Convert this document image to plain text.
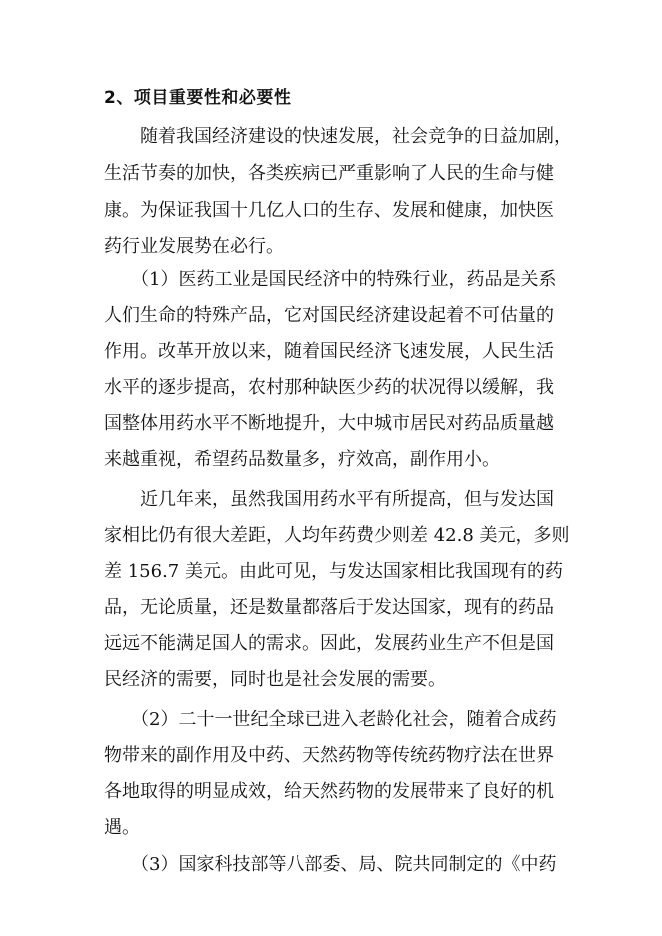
2、项目重要性和必要性
　　随着我国经济建设的快速发展，社会竞争的日益加剧，
生活节奏的加快，各类疾病已严重影响了人民的生命与健
康。为保证我国十几亿人口的生存、发展和健康，加快医
药行业发展势在必行。
　　（1）医药工业是国民经济中的特殊行业，药品是关系
人们生命的特殊产品，它对国民经济建设起着不可估量的
作用。改革开放以来，随着国民经济飞速发展，人民生活
水平的逐步提高，农村那种缺医少药的状况得以缓解，我
国整体用药水平不断地提升，大中城市居民对药品质量越
来越重视，希望药品数量多，疗效高，副作用小。
　　近几年来，虽然我国用药水平有所提高，但与发达国
家相比仍有很大差距，人均年药费少则差 42.8 美元，多则
差 156.7 美元。由此可见，与发达国家相比我国现有的药
品，无论质量，还是数量都落后于发达国家，现有的药品
远远不能满足国人的需求。因此，发展药业生产不但是国
民经济的需要，同时也是社会发展的需要。
　　（2）二十一世纪全球已进入老龄化社会，随着合成药
物带来的副作用及中药、天然药物等传统药物疗法在世界
各地取得的明显成效，给天然药物的发展带来了良好的机
遇。
　　（3）国家科技部等八部委、局、院共同制定的《中药
